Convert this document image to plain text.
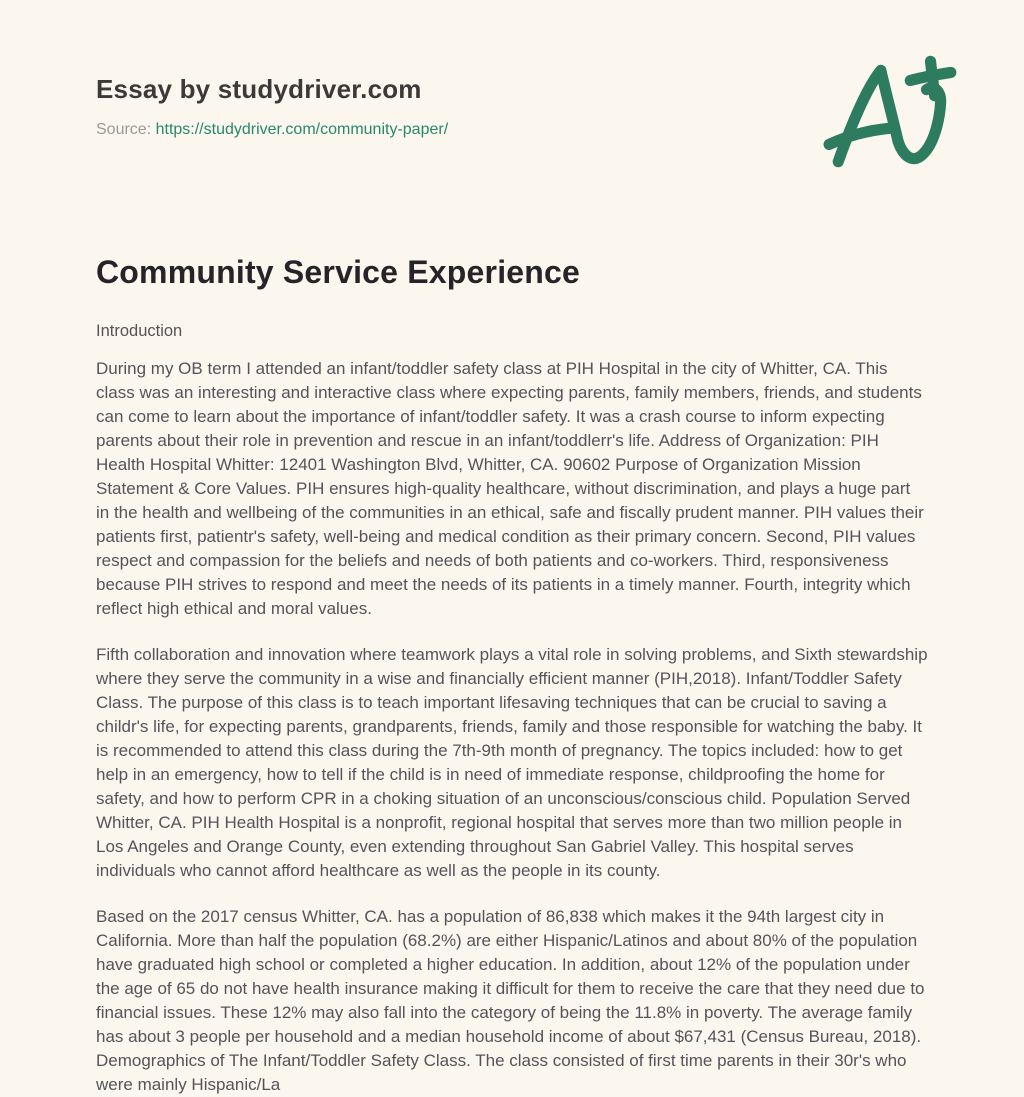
Essay by studydriver.com
Source: https://studydriver.com/community-paper/
Community Service Experience

Introduction

During my OB term I attended an infant/toddler safety class at PIH Hospital in the city of Whitter, CA. This class was an interesting and interactive class where expecting parents, family members, friends, and students can come to learn about the importance of infant/toddler safety. It was a crash course to inform expecting parents about their role in prevention and rescue in an infant/toddlerr's life. Address of Organization: PIH Health Hospital Whitter: 12401 Washington Blvd, Whitter, CA. 90602 Purpose of Organization Mission Statement & Core Values. PIH ensures high-quality healthcare, without discrimination, and plays a huge part in the health and wellbeing of the communities in an ethical, safe and fiscally prudent manner. PIH values their patients first, patientr's safety, well-being and medical condition as their primary concern. Second, PIH values respect and compassion for the beliefs and needs of both patients and co-workers. Third, responsiveness because PIH strives to respond and meet the needs of its patients in a timely manner. Fourth, integrity which reflect high ethical and moral values.

Fifth collaboration and innovation where teamwork plays a vital role in solving problems, and Sixth stewardship where they serve the community in a wise and financially efficient manner (PIH,2018). Infant/Toddler Safety Class. The purpose of this class is to teach important lifesaving techniques that can be crucial to saving a childr's life, for expecting parents, grandparents, friends, family and those responsible for watching the baby. It is recommended to attend this class during the 7th-9th month of pregnancy. The topics included: how to get help in an emergency, how to tell if the child is in need of immediate response, childproofing the home for safety, and how to perform CPR in a choking situation of an unconscious/conscious child. Population Served Whitter, CA. PIH Health Hospital is a nonprofit, regional hospital that serves more than two million people in Los Angeles and Orange County, even extending throughout San Gabriel Valley. This hospital serves individuals who cannot afford healthcare as well as the people in its county.

Based on the 2017 census Whitter, CA. has a population of 86,838 which makes it the 94th largest city in California. More than half the population (68.2%) are either Hispanic/Latinos and about 80% of the population have graduated high school or completed a higher education. In addition, about 12% of the population under the age of 65 do not have health insurance making it difficult for them to receive the care that they need due to financial issues. These 12% may also fall into the category of being the 11.8% in poverty. The average family has about 3 people per household and a median household income of about $67,431 (Census Bureau, 2018). Demographics of The Infant/Toddler Safety Class. The class consisted of first time parents in their 30r's who were mainly Hispanic/La
